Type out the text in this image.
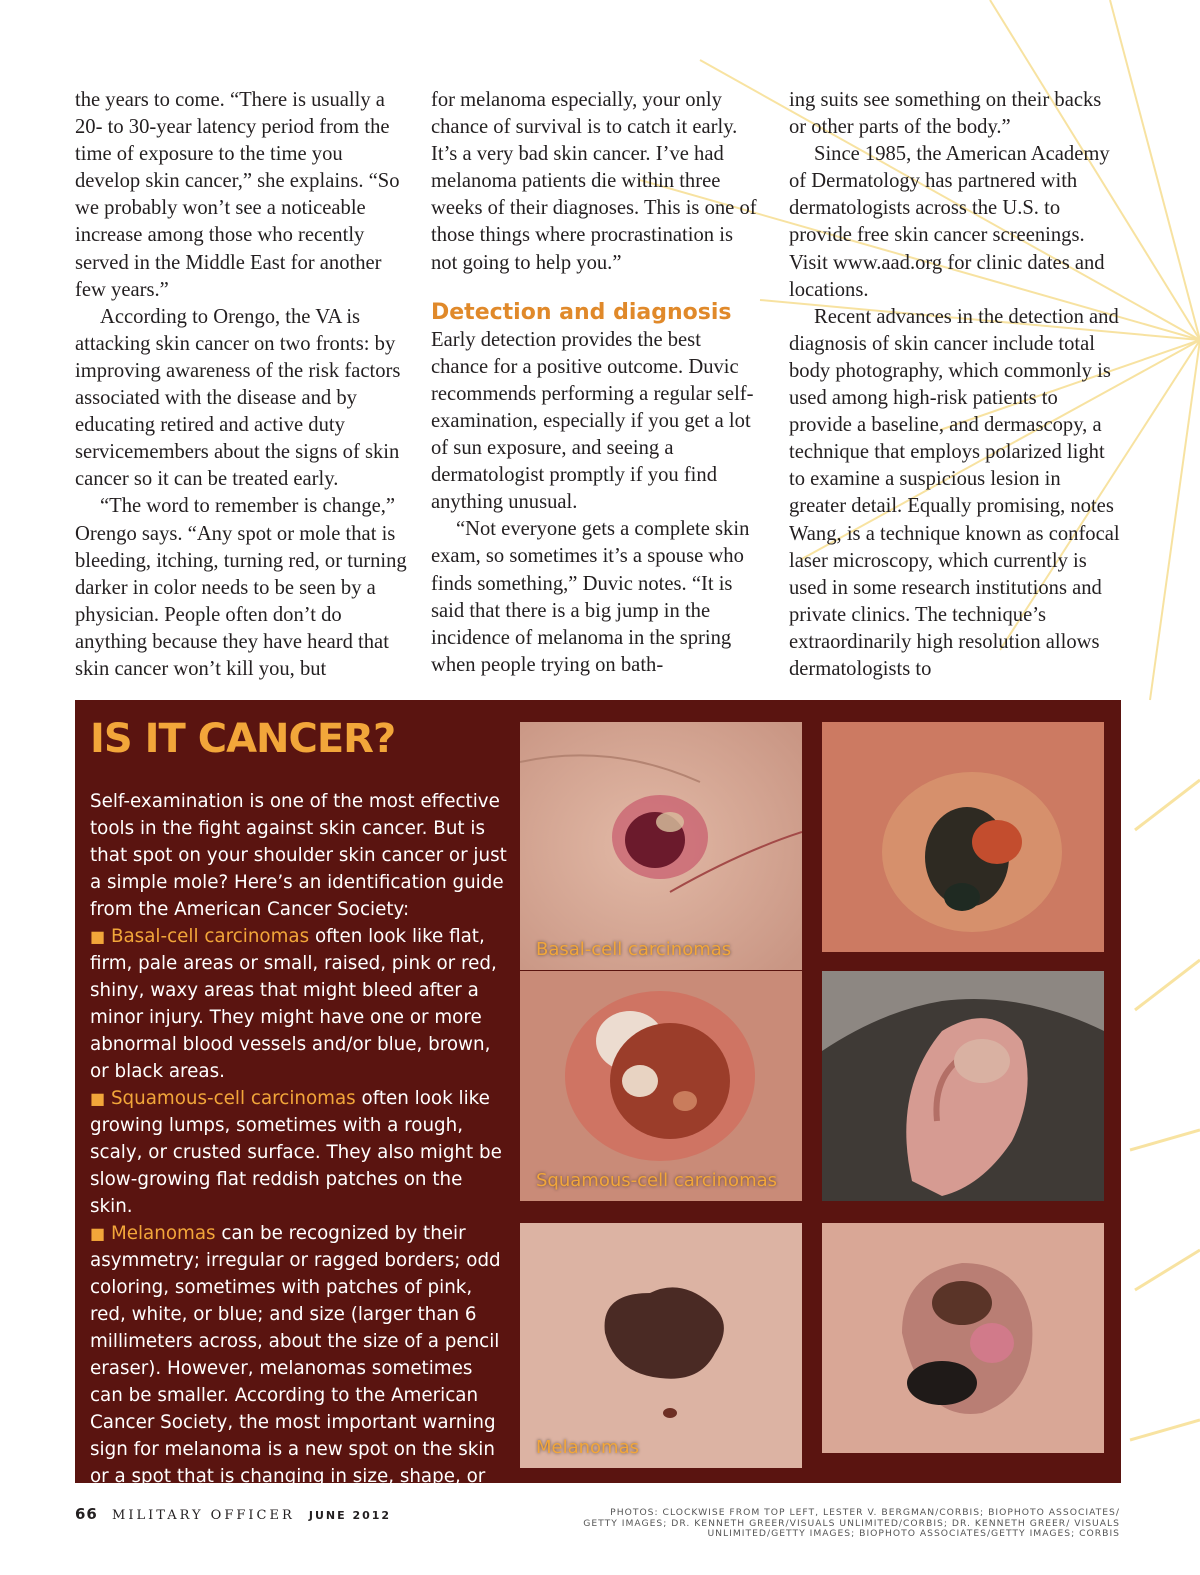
the years to come. “There is usually a 20- to 30-year latency period from the time of exposure to the time you develop skin cancer,” she explains. “So we probably won’t see a noticeable increase among those who recently served in the Middle East for another few years.”

According to Orengo, the VA is attacking skin cancer on two fronts: by improving awareness of the risk factors associated with the disease and by educating retired and active duty servicemembers about the signs of skin cancer so it can be treated early.

“The word to remember is change,” Orengo says. “Any spot or mole that is bleeding, itching, turning red, or turning darker in color needs to be seen by a physician. People often don’t do anything because they have heard that skin cancer won’t kill you, but

for melanoma especially, your only chance of survival is to catch it early. It’s a very bad skin cancer. I’ve had melanoma patients die within three weeks of their diagnoses. This is one of those things where procrastination is not going to help you.”

Detection and diagnosis

Early detection provides the best chance for a positive outcome. Duvic recommends performing a regular self-examination, especially if you get a lot of sun exposure, and seeing a dermatologist promptly if you find anything unusual.

“Not everyone gets a complete skin exam, so sometimes it’s a spouse who finds something,” Duvic notes. “It is said that there is a big jump in the incidence of melanoma in the spring when people trying on bath-

ing suits see something on their backs or other parts of the body.”

Since 1985, the American Academy of Dermatology has partnered with dermatologists across the U.S. to provide free skin cancer screenings. Visit www.aad.org for clinic dates and locations.

Recent advances in the detection and diagnosis of skin cancer include total body photography, which commonly is used among high-risk patients to provide a baseline, and dermascopy, a technique that employs polarized light to examine a suspicious lesion in greater detail. Equally promising, notes Wang, is a technique known as confocal laser microscopy, which currently is used in some research institutions and private clinics. The technique’s extraordinarily high resolution allows dermatologists to

IS IT CANCER?
Self-examination is one of the most effective tools in the fight against skin cancer. But is that spot on your shoulder skin cancer or just a simple mole? Here’s an identification guide from the American Cancer Society:
■ Basal-cell carcinomas often look like flat, firm, pale areas or small, raised, pink or red, shiny, waxy areas that might bleed after a minor injury. They might have one or more abnormal blood vessels and/or blue, brown, or black areas.
■ Squamous-cell carcinomas often look like growing lumps, sometimes with a rough, scaly, or crusted surface. They also might be slow-growing flat reddish patches on the skin.
■ Melanomas can be recognized by their asymmetry; irregular or ragged borders; odd coloring, sometimes with patches of pink, red, white, or blue; and size (larger than 6 millimeters across, about the size of a pencil eraser). However, melanomas sometimes can be smaller. According to the American Cancer Society, the most important warning sign for melanoma is a new spot on the skin or a spot that is changing in size, shape, or color.
Basal-cell carcinomas
Squamous-cell carcinomas
Melanomas
66 MILITARY OFFICER JUNE 2012	PHOTOS: CLOCKWISE FROM TOP LEFT, LESTER V. BERGMAN/CORBIS; BIOPHOTO ASSOCIATES/ GETTY IMAGES; DR. KENNETH GREER/VISUALS UNLIMITED/CORBIS; DR. KENNETH GREER/ VISUALS UNLIMITED/GETTY IMAGES; BIOPHOTO ASSOCIATES/GETTY IMAGES; CORBIS
